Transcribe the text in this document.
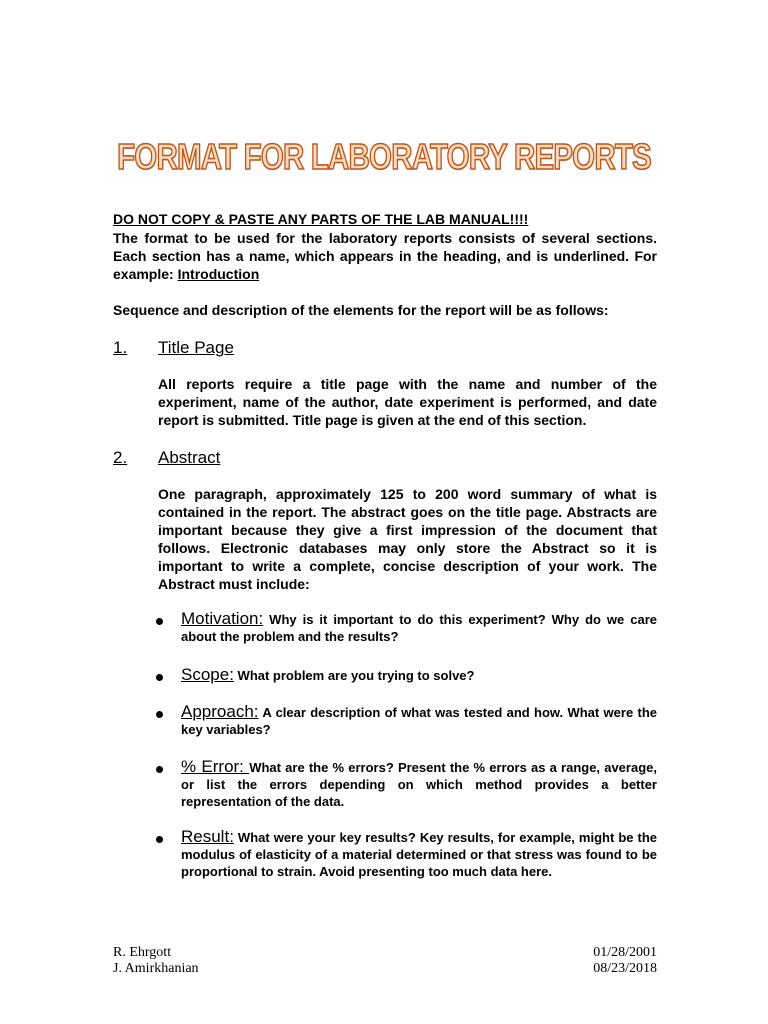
FORMAT FOR LABORATORY REPORTS
DO NOT COPY & PASTE ANY PARTS OF THE LAB MANUAL!!!!
The format to be used for the laboratory reports consists of several sections. Each section has a name, which appears in the heading, and is underlined. For example: Introduction
Sequence and description of the elements for the report will be as follows:
1. Title Page
All reports require a title page with the name and number of the experiment, name of the author, date experiment is performed, and date report is submitted. Title page is given at the end of this section.
2. Abstract
One paragraph, approximately 125 to 200 word summary of what is contained in the report. The abstract goes on the title page. Abstracts are important because they give a first impression of the document that follows. Electronic databases may only store the Abstract so it is important to write a complete, concise description of your work. The Abstract must include:
Motivation: Why is it important to do this experiment? Why do we care about the problem and the results?
Scope: What problem are you trying to solve?
Approach: A clear description of what was tested and how. What were the key variables?
% Error: What are the % errors? Present the % errors as a range, average, or list the errors depending on which method provides a better representation of the data.
Result: What were your key results? Key results, for example, might be the modulus of elasticity of a material determined or that stress was found to be proportional to strain. Avoid presenting too much data here.
R. Ehrgott
J. Amirkhanian
01/28/2001
08/23/2018
